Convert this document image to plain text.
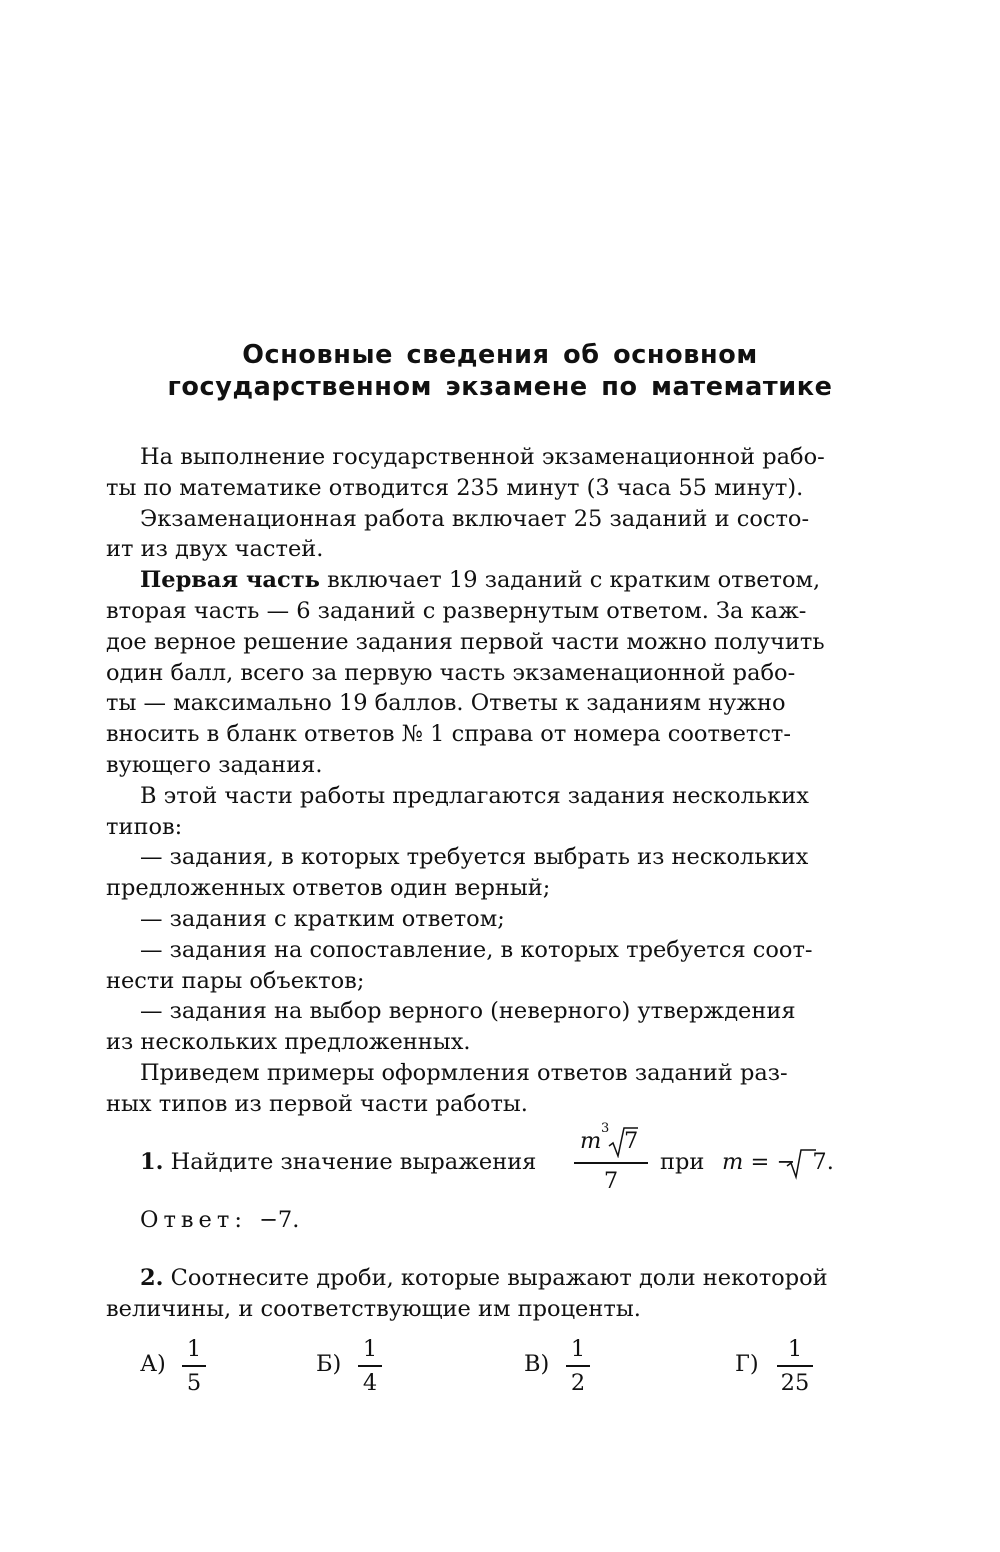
Основные сведения об основном
государственном экзамене по математике
На выполнение государственной экзаменационной рабо-
ты по математике отводится 235 минут (3 часа 55 минут).
Экзаменационная работа включает 25 заданий и состо-
ит из двух частей.
Первая часть включает 19 заданий с кратким ответом,
вторая часть — 6 заданий с развернутым ответом. За каж-
дое верное решение задания первой части можно получить
один балл, всего за первую часть экзаменационной рабо-
ты — максимально 19 баллов. Ответы к заданиям нужно
вносить в бланк ответов № 1 справа от номера соответст-
вующего задания.
В этой части работы предлагаются задания нескольких
типов:
— задания, в которых требуется выбрать из нескольких
предложенных ответов один верный;
— задания с кратким ответом;
— задания на сопоставление, в которых требуется соот-
нести пары объектов;
— задания на выбор верного (неверного) утверждения
из нескольких предложенных.
Приведем примеры оформления ответов заданий раз-
ных типов из первой части работы.
1. Найдите значение выражения
m 3 7
7
при m = − 7.
Ответ: −7.
2. Соотнесите дроби, которые выражают доли некоторой
величины, и соответствующие им проценты.
А)
1
5
Б)
1
4
В)
1
2
Г)
1
25
